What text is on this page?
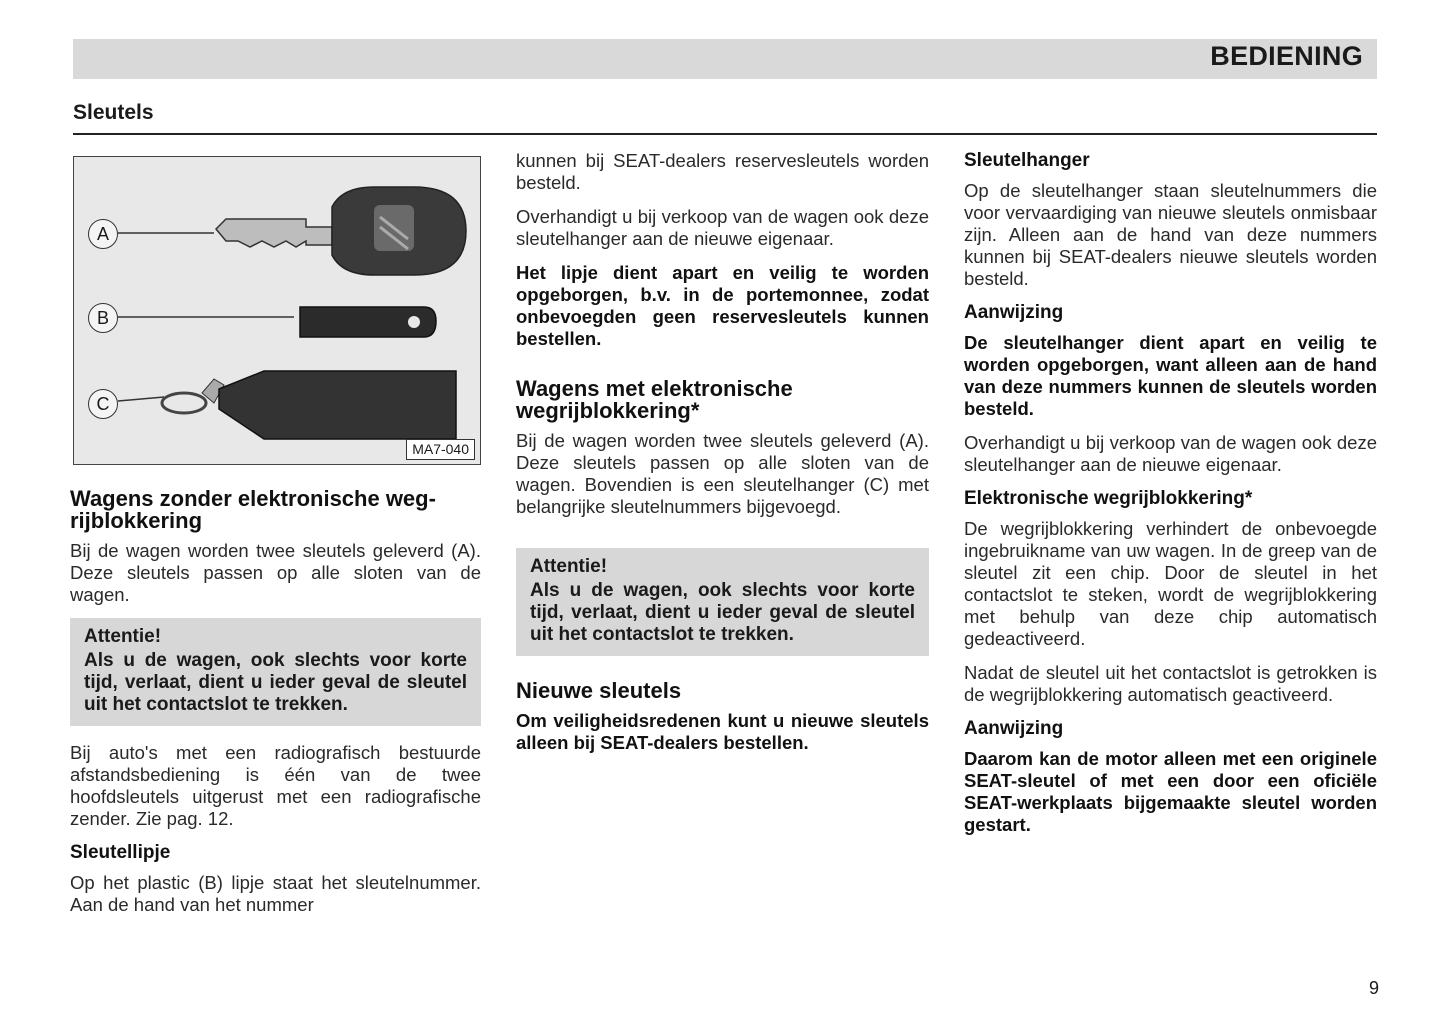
BEDIENING
Sleutels
A
B
C
MA7-040
Wagens zonder elektronische weg-rijblokkering

Bij de wagen worden twee sleutels geleverd (A). Deze sleutels passen op alle sloten van de wagen.

Attentie!
Als u de wagen, ook slechts voor korte tijd, verlaat, dient u ieder geval de sleutel uit het contactslot te trekken.

Bij auto's met een radiografisch bestuurde afstandsbediening is één van de twee hoofdsleutels uitgerust met een radiografische zender. Zie pag. 12.

Sleutellipje

Op het plastic (B) lipje staat het sleutelnummer. Aan de hand van het nummer

kunnen bij SEAT-dealers reservesleutels worden besteld.

Overhandigt u bij verkoop van de wagen ook deze sleutelhanger aan de nieuwe eigenaar.

Het lipje dient apart en veilig te worden opgeborgen, b.v. in de portemonnee, zodat onbevoegden geen reservesleutels kunnen bestellen.

Wagens met elektronische wegrijblokkering*

Bij de wagen worden twee sleutels geleverd (A). Deze sleutels passen op alle sloten van de wagen. Bovendien is een sleutelhanger (C) met belangrijke sleutelnummers bijgevoegd.

Attentie!
Als u de wagen, ook slechts voor korte tijd, verlaat, dient u ieder geval de sleutel uit het contactslot te trekken.
Nieuwe sleutels

Om veiligheidsredenen kunt u nieuwe sleutels alleen bij SEAT-dealers bestellen.

Sleutelhanger

Op de sleutelhanger staan sleutelnummers die voor vervaardiging van nieuwe sleutels onmisbaar zijn. Alleen aan de hand van deze nummers kunnen bij SEAT-dealers nieuwe sleutels worden besteld.

Aanwijzing

De sleutelhanger dient apart en veilig te worden opgeborgen, want alleen aan de hand van deze nummers kunnen de sleutels worden besteld.

Overhandigt u bij verkoop van de wagen ook deze sleutelhanger aan de nieuwe eigenaar.

Elektronische wegrijblokkering*

De wegrijblokkering verhindert de onbevoegde ingebruikname van uw wagen. In de greep van de sleutel zit een chip. Door de sleutel in het contactslot te steken, wordt de wegrijblokkering met behulp van deze chip automatisch gedeactiveerd.

Nadat de sleutel uit het contactslot is getrokken is de wegrijblokkering automatisch geactiveerd.

Aanwijzing

Daarom kan de motor alleen met een originele SEAT-sleutel of met een door een oficiële SEAT-werkplaats bijgemaakte sleutel worden gestart.

9
